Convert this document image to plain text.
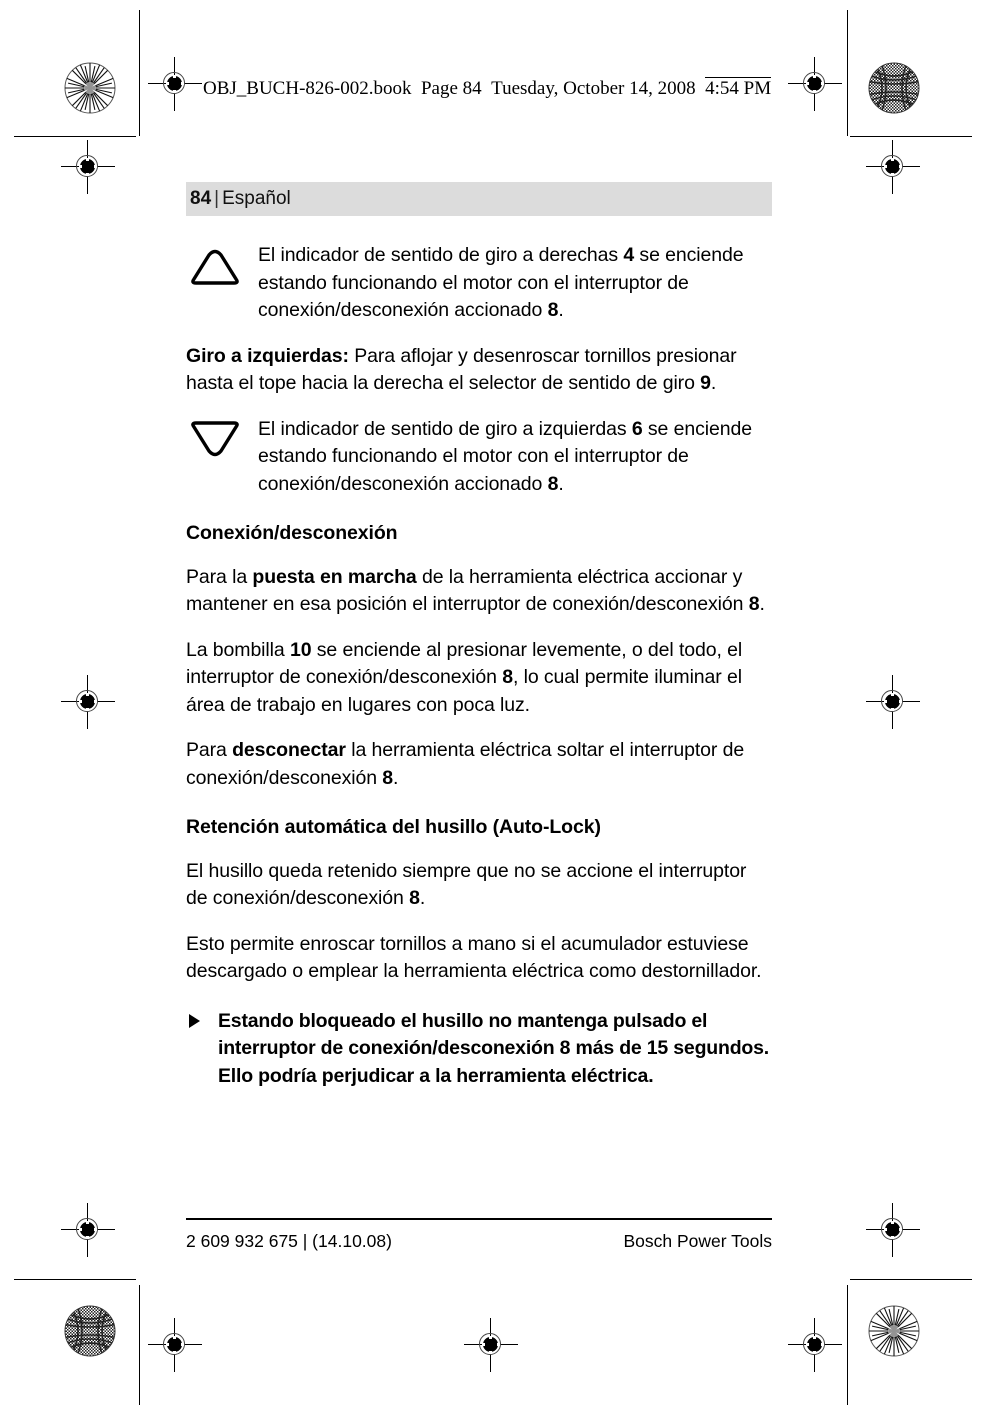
OBJ_BUCH-826-002.book Page 84 Tuesday, October 14, 2008 4:54 PM
84 | Español
El indicador de sentido de giro a derechas 4 se enciende estando funcionando el motor con el interruptor de conexión/desconexión accionado 8.

Giro a izquierdas: Para aflojar y desenroscar tornillos presionar hasta el tope hacia la derecha el selector de sentido de giro 9.

El indicador de sentido de giro a izquierdas 6 se enciende estando funcionando el motor con el interruptor de conexión/desconexión accionado 8.
Conexión/desconexión

Para la puesta en marcha de la herramienta eléctrica accionar y mantener en esa posición el interruptor de conexión/desconexión 8.

La bombilla 10 se enciende al presionar levemente, o del todo, el interruptor de conexión/desconexión 8, lo cual permite iluminar el área de trabajo en lugares con poca luz.

Para desconectar la herramienta eléctrica soltar el interruptor de conexión/desconexión 8.

Retención automática del husillo (Auto-Lock)

El husillo queda retenido siempre que no se accione el interruptor de conexión/desconexión 8.

Esto permite enroscar tornillos a mano si el acumulador estuviese descargado o emplear la herramienta eléctrica como destornillador.

Estando bloqueado el husillo no mantenga pulsado el interruptor de conexión/desconexión 8 más de 15 segundos. Ello podría perjudicar a la herramienta eléctrica.
2 609 932 675 | (14.10.08)	Bosch Power Tools
